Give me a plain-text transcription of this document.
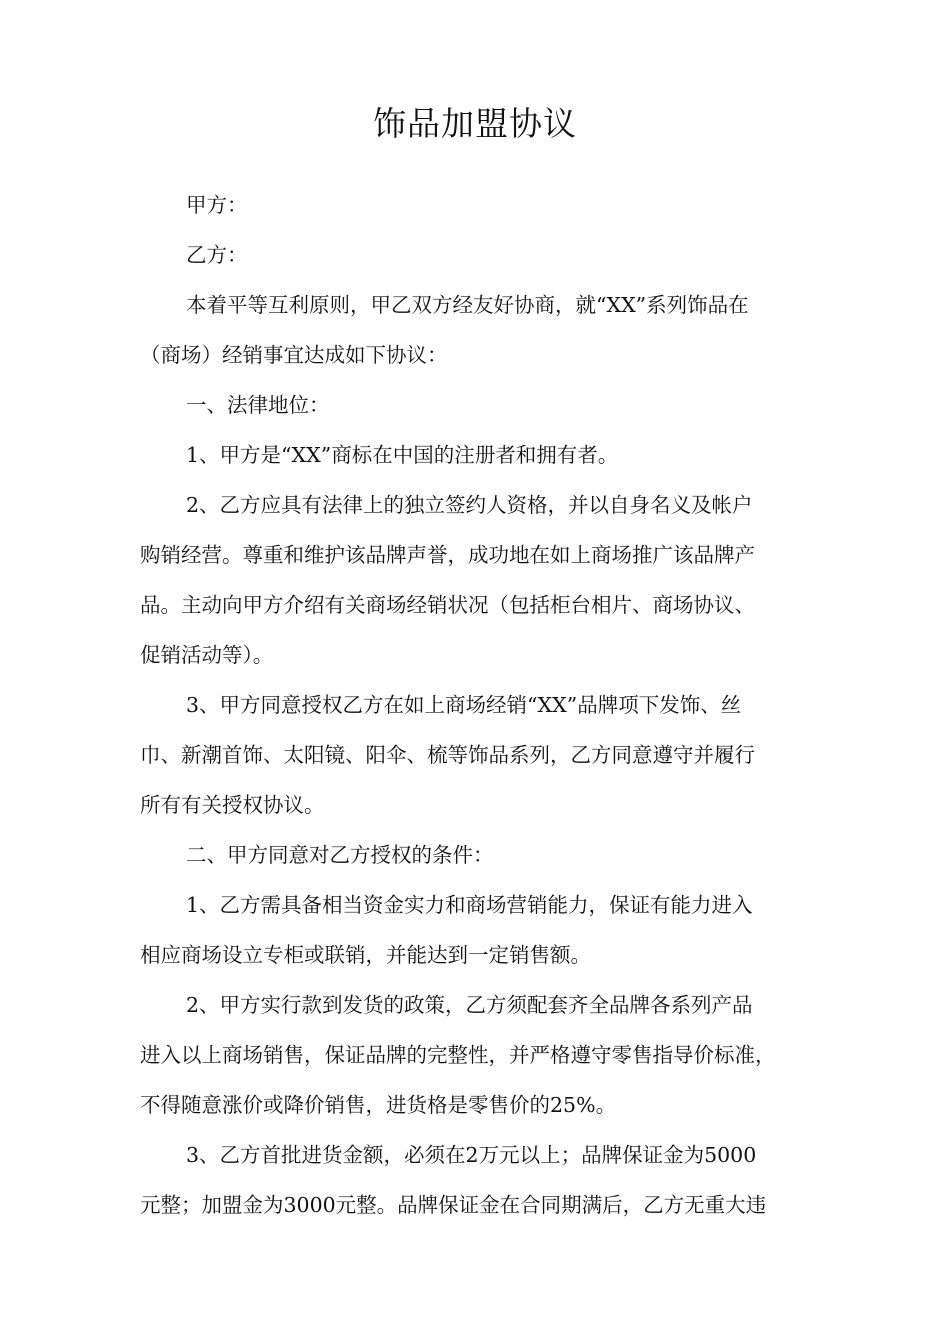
饰品加盟协议

甲方：

乙方：

本着平等互利原则，甲乙双方经友好协商，就“XX”系列饰品在
（商场）经销事宜达成如下协议：

一、法律地位：

1、甲方是“XX”商标在中国的注册者和拥有者。

2、乙方应具有法律上的独立签约人资格，并以自身名义及帐户
购销经营。尊重和维护该品牌声誉，成功地在如上商场推广该品牌产
品。主动向甲方介绍有关商场经销状况（包括柜台相片、商场协议、
促销活动等）。

3、甲方同意授权乙方在如上商场经销“XX”品牌项下发饰、丝
巾、新潮首饰、太阳镜、阳伞、梳等饰品系列，乙方同意遵守并履行
所有有关授权协议。

二、甲方同意对乙方授权的条件：

1、乙方需具备相当资金实力和商场营销能力，保证有能力进入
相应商场设立专柜或联销，并能达到一定销售额。

2、甲方实行款到发货的政策，乙方须配套齐全品牌各系列产品
进入以上商场销售，保证品牌的完整性，并严格遵守零售指导价标准，
不得随意涨价或降价销售，进货格是零售价的25%。

3、乙方首批进货金额，必须在2万元以上；品牌保证金为5000
元整；加盟金为3000元整。品牌保证金在合同期满后，乙方无重大违
